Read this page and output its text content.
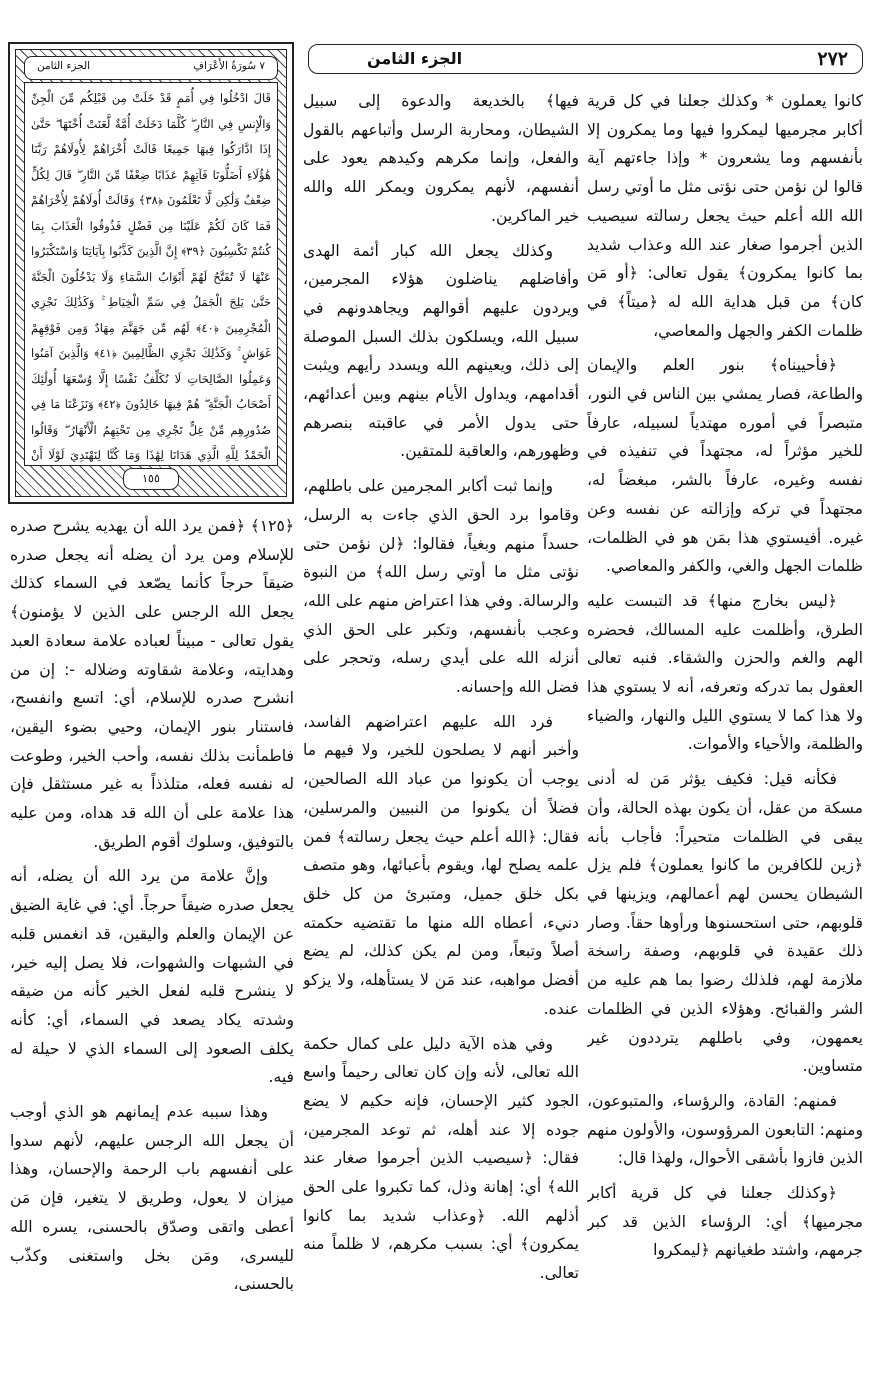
٢٧٢
الجزء الثامن
٧ سُورَةُ الأَعْرَافِ
الجزء الثامن
قَالَ ادْخُلُوا فِي أُمَمٍ قَدْ خَلَتْ مِن قَبْلِكُم مِّنَ الْجِنِّ وَالْإِنسِ فِي النَّارِ ۖ كُلَّمَا دَخَلَتْ أُمَّةٌ لَّعَنَتْ أُخْتَهَا ۖ حَتَّىٰ إِذَا ادَّارَكُوا فِيهَا جَمِيعًا قَالَتْ أُخْرَاهُمْ لِأُولَاهُمْ رَبَّنَا هَٰؤُلَاءِ أَضَلُّونَا فَآتِهِمْ عَذَابًا ضِعْفًا مِّنَ النَّارِ ۖ قَالَ لِكُلٍّ ضِعْفٌ وَلَٰكِن لَّا تَعْلَمُونَ ﴿٣٨﴾ وَقَالَتْ أُولَاهُمْ لِأُخْرَاهُمْ فَمَا كَانَ لَكُمْ عَلَيْنَا مِن فَضْلٍ فَذُوقُوا الْعَذَابَ بِمَا كُنتُمْ تَكْسِبُونَ ﴿٣٩﴾ إِنَّ الَّذِينَ كَذَّبُوا بِآيَاتِنَا وَاسْتَكْبَرُوا عَنْهَا لَا تُفَتَّحُ لَهُمْ أَبْوَابُ السَّمَاءِ وَلَا يَدْخُلُونَ الْجَنَّةَ حَتَّىٰ يَلِجَ الْجَمَلُ فِي سَمِّ الْخِيَاطِ ۚ وَكَذَٰلِكَ نَجْزِي الْمُجْرِمِينَ ﴿٤٠﴾ لَهُم مِّن جَهَنَّمَ مِهَادٌ وَمِن فَوْقِهِمْ غَوَاشٍ ۚ وَكَذَٰلِكَ نَجْزِي الظَّالِمِينَ ﴿٤١﴾ وَالَّذِينَ آمَنُوا وَعَمِلُوا الصَّالِحَاتِ لَا نُكَلِّفُ نَفْسًا إِلَّا وُسْعَهَا أُولَٰئِكَ أَصْحَابُ الْجَنَّةِ ۖ هُمْ فِيهَا خَالِدُونَ ﴿٤٢﴾ وَنَزَعْنَا مَا فِي صُدُورِهِم مِّنْ غِلٍّ تَجْرِي مِن تَحْتِهِمُ الْأَنْهَارُ ۖ وَقَالُوا الْحَمْدُ لِلَّهِ الَّذِي هَدَانَا لِهَٰذَا وَمَا كُنَّا لِنَهْتَدِيَ لَوْلَا أَنْ
١٥٥

كانوا يعملون * وكذلك جعلنا في كل قرية أكابر مجرميها ليمكروا فيها وما يمكرون إلا بأنفسهم وما يشعرون * وإذا جاءتهم آية قالوا لن نؤمن حتى نؤتى مثل ما أوتي رسل الله الله أعلم حيث يجعل رسالته سيصيب الذين أجرموا صغار عند الله وعذاب شديد بما كانوا يمكرون﴾ يقول تعالى: ﴿أو مَن كان﴾ من قبل هداية الله له ﴿ميتاً﴾ في ظلمات الكفر والجهل والمعاصي،

﴿فأحييناه﴾ بنور العلم والإيمان والطاعة، فصار يمشي بين الناس في النور، متبصراً في أموره مهتدياً لسبيله، عارفاً للخير مؤثراً له، مجتهداً في تنفيذه في نفسه وغيره، عارفاً بالشر، مبغضاً له، مجتهداً في تركه وإزالته عن نفسه وعن غيره. أفيستوي هذا بمَن هو في الظلمات، ظلمات الجهل والغي، والكفر والمعاصي.

﴿ليس بخارج منها﴾ قد التبست عليه الطرق، وأظلمت عليه المسالك، فحضره الهم والغم والحزن والشقاء. فنبه تعالى العقول بما تدركه وتعرفه، أنه لا يستوي هذا ولا هذا كما لا يستوي الليل والنهار، والضياء والظلمة، والأحياء والأموات.

فكأنه قيل: فكيف يؤثر مَن له أدنى مسكة من عقل، أن يكون بهذه الحالة، وأن يبقى في الظلمات متحيراً: فأجاب بأنه ﴿زين للكافرين ما كانوا يعملون﴾ فلم يزل الشيطان يحسن لهم أعمالهم، ويزينها في قلوبهم، حتى استحسنوها ورأوها حقاً. وصار ذلك عقيدة في قلوبهم، وصفة راسخة ملازمة لهم، فلذلك رضوا بما هم عليه من الشر والقبائح. وهؤلاء الذين في الظلمات يعمهون، وفي باطلهم يترددون غير متساوين.

فمنهم: القادة، والرؤساء، والمتبوعون، ومنهم: التابعون المرؤوسون، والأولون منهم الذين فازوا بأشقى الأحوال، ولهذا قال:

﴿وكذلك جعلنا في كل قرية أكابر مجرميها﴾ أي: الرؤساء الذين قد كبر جرمهم، واشتد طغيانهم ﴿ليمكروا

فيها﴾ بالخديعة والدعوة إلى سبيل الشيطان، ومحاربة الرسل وأتباعهم بالقول والفعل، وإنما مكرهم وكيدهم يعود على أنفسهم، لأنهم يمكرون ويمكر الله والله خير الماكرين.

وكذلك يجعل الله كبار أئمة الهدى وأفاضلهم يناضلون هؤلاء المجرمين، ويردون عليهم أقوالهم ويجاهدونهم في سبيل الله، ويسلكون بذلك السبل الموصلة إلى ذلك، ويعينهم الله ويسدد رأيهم ويثبت أقدامهم، ويداول الأيام بينهم وبين أعدائهم، حتى يدول الأمر في عاقبته بنصرهم وظهورهم، والعاقبة للمتقين.

وإنما ثبت أكابر المجرمين على باطلهم، وقاموا برد الحق الذي جاءت به الرسل، حسداً منهم وبغياً، فقالوا: ﴿لن نؤمن حتى نؤتى مثل ما أوتي رسل الله﴾ من النبوة والرسالة. وفي هذا اعتراض منهم على الله، وعجب بأنفسهم، وتكبر على الحق الذي أنزله الله على أيدي رسله، وتحجر على فضل الله وإحسانه.

فرد الله عليهم اعتراضهم الفاسد، وأخبر أنهم لا يصلحون للخير، ولا فيهم ما يوجب أن يكونوا من عباد الله الصالحين، فضلاً أن يكونوا من النبيين والمرسلين، فقال: ﴿الله أعلم حيث يجعل رسالته﴾ فمن علمه يصلح لها، ويقوم بأعبائها، وهو متصف بكل خلق جميل، ومتبرئ من كل خلق دنيء، أعطاه الله منها ما تقتضيه حكمته أصلاً وتبعاً، ومن لم يكن كذلك، لم يضع أفضل مواهبه، عند مَن لا يستأهله، ولا يزكو عنده.

وفي هذه الآية دليل على كمال حكمة الله تعالى، لأنه وإن كان تعالى رحيماً واسع الجود كثير الإحسان، فإنه حكيم لا يضع جوده إلا عند أهله، ثم توعد المجرمين، فقال: ﴿سيصيب الذين أجرموا صغار عند الله﴾ أي: إهانة وذل، كما تكبروا على الحق أذلهم الله. ﴿وعذاب شديد بما كانوا يمكرون﴾ أي: بسبب مكرهم، لا ظلماً منه تعالى.

﴿١٢٥﴾ ﴿فمن يرد الله أن يهديه يشرح صدره للإسلام ومن يرد أن يضله أنه يجعل صدره ضيقاً حرجاً كأنما يصّعد في السماء كذلك يجعل الله الرجس على الذين لا يؤمنون﴾ يقول تعالى - مبيناً لعباده علامة سعادة العبد وهدايته، وعلامة شقاوته وضلاله -: إن من انشرح صدره للإسلام، أي: اتسع وانفسح، فاستنار بنور الإيمان، وحيي بضوء اليقين، فاطمأنت بذلك نفسه، وأحب الخير، وطوعت له نفسه فعله، متلذذاً به غير مستثقل فإن هذا علامة على أن الله قد هداه، ومن عليه بالتوفيق، وسلوك أقوم الطريق.

وإنَّ علامة من يرد الله أن يضله، أنه يجعل صدره ضيقاً حرجاً. أي: في غاية الضيق عن الإيمان والعلم واليقين، قد انغمس قلبه في الشبهات والشهوات، فلا يصل إليه خير، لا ينشرح قلبه لفعل الخير كأنه من ضيقه وشدته يكاد يصعد في السماء، أي: كأنه يكلف الصعود إلى السماء الذي لا حيلة له فيه.

وهذا سببه عدم إيمانهم هو الذي أوجب أن يجعل الله الرجس عليهم، لأنهم سدوا على أنفسهم باب الرحمة والإحسان، وهذا ميزان لا يعول، وطريق لا يتغير، فإن مَن أعطى واتقى وصدّق بالحسنى، يسره الله لليسرى، ومَن بخل واستغنى وكذّب بالحسنى،
